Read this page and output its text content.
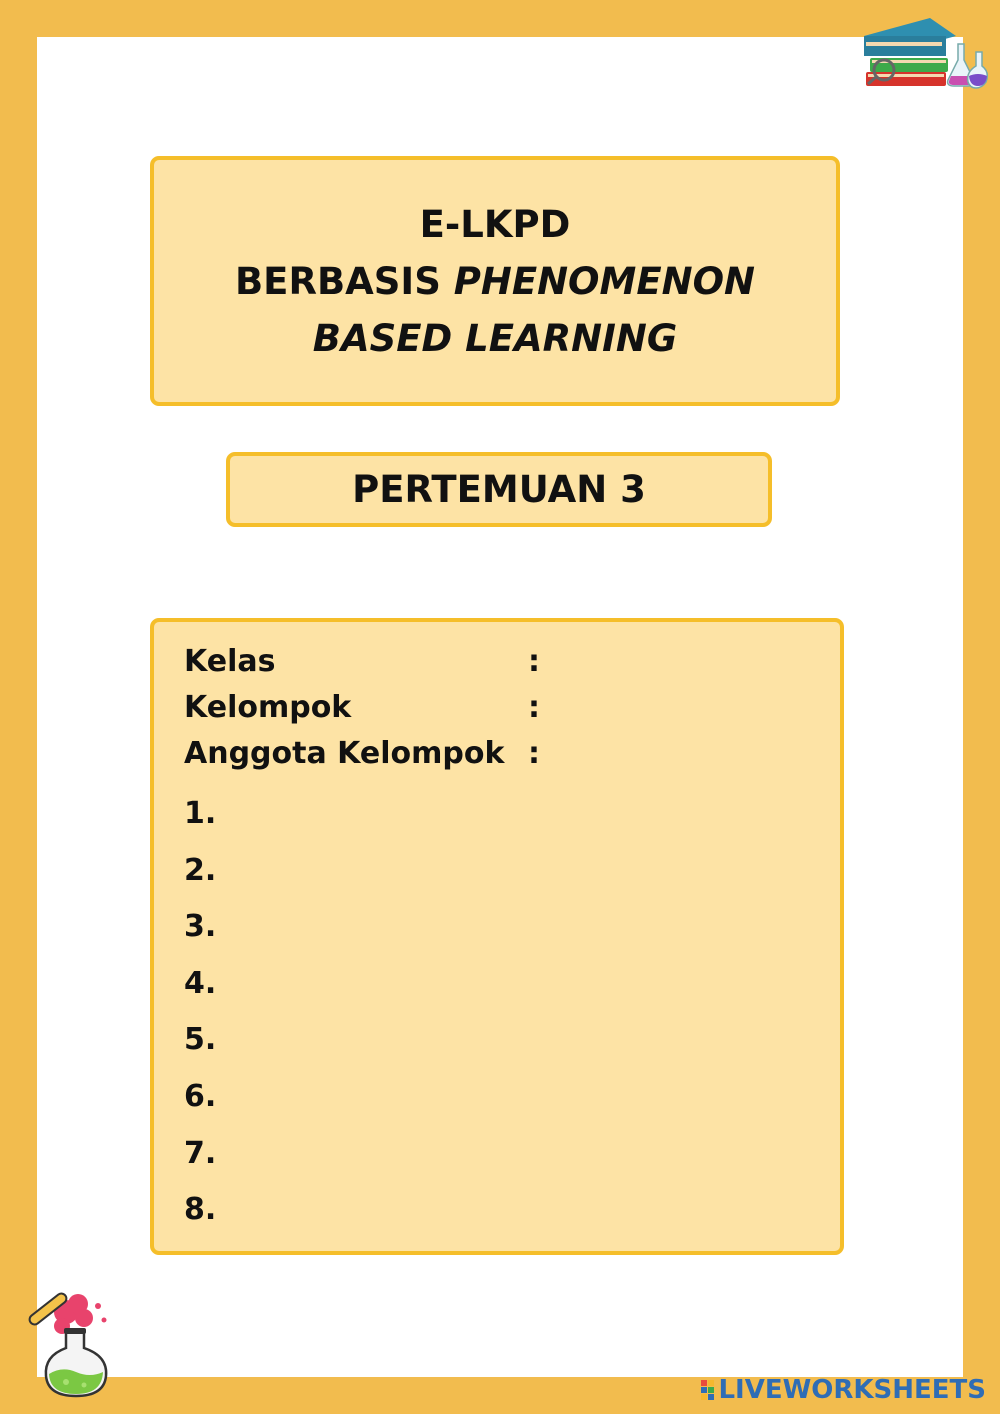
E-LKPD
BERBASIS PHENOMENON
BASED LEARNING
PERTEMUAN 3
Kelas	:
Kelompok	:
Anggota Kelompok :
1.
2.
3.
4.
5.
6.
7.
8.
LIVEWORKSHEETS
